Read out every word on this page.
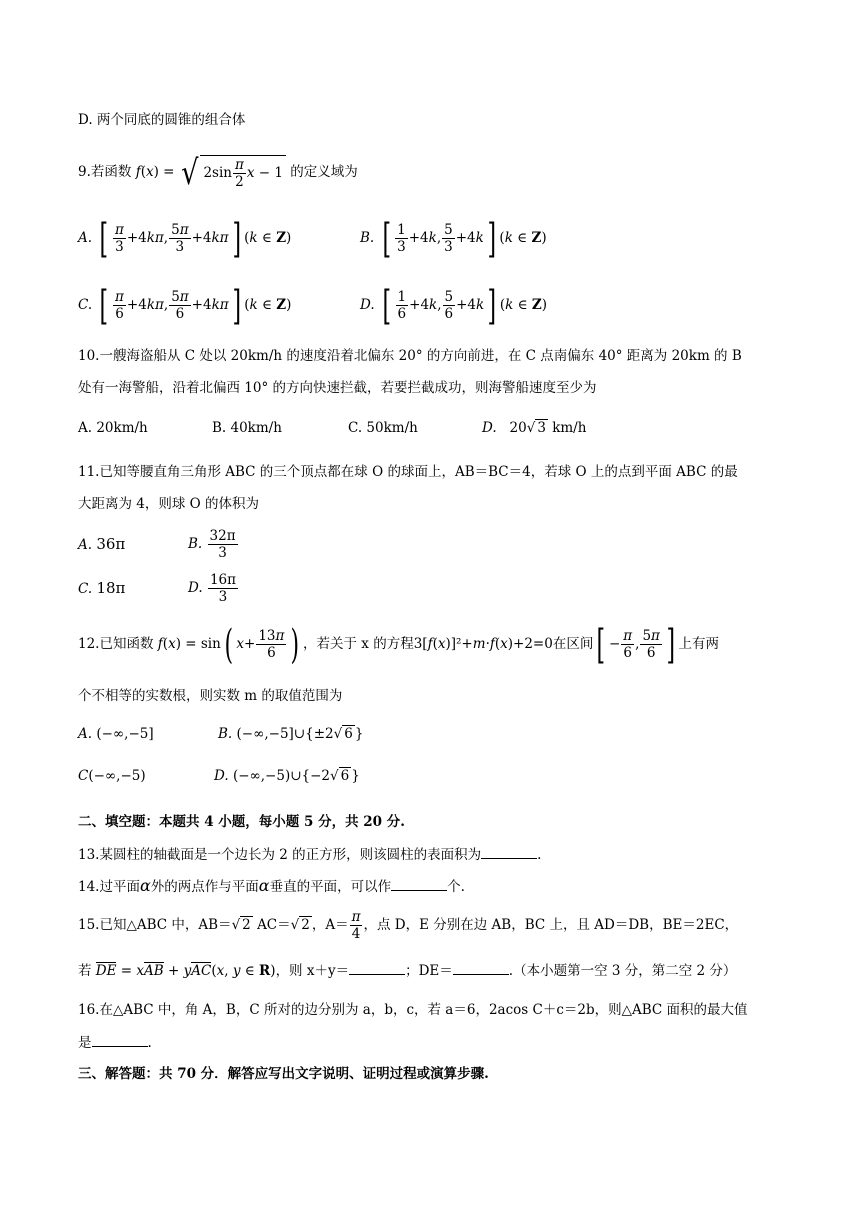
D. 两个同底的圆锥的组合体
9.若函数 f(x) = √ $2\sin \frac{\pi}{2}$ x − 1 的定义域为
A. [ $\frac{\pi}{3} +4k\pi$, $\frac{5\pi}{3} +4k\pi$] (k ∈ Z)	B. [ $\frac{1}{3} +4k$, $\frac{5}{3} +4k$] (k ∈ Z)
C. [ $\frac{\pi}{6} +4k\pi$, $\frac{5\pi}{6} +4k\pi$] (k ∈ Z)	D. [ $\frac{1}{6} +4k$, $\frac{5}{6} +4k$] (k ∈ Z)
10.一艘海盗船从 C 处以 20km/h 的速度沿着北偏东 20° 的方向前进，在 C 点南偏东 40° 距离为 20km 的 B
处有一海警船，沿着北偏西 10° 的方向快速拦截，若要拦截成功，则海警船速度至少为
A. 20km/h	B. 40km/h	C. 50km/h	D.   20√ 3 km/h
11.已知等腰直角三角形 ABC 的三个顶点都在球 O 的球面上，AB＝BC＝4，若球 O 上的点到平面 ABC 的最
大距离为 4，则球 O 的体积为
A. 36π	B. $\frac{32\pi}{3}$
C. 18π	D. $\frac{16\pi}{3}$
12.已知函数 f(x) = sin( $x+ \frac{13\pi}{6}$ ) ，若关于 x 的方程3[f(x)]²+m·f(x)+2=0在区间[ − $\frac{\pi}{6}$ , $\frac{5\pi}{6}$ ] 上有两
个不相等的实数根，则实数 m 的取值范围为
A. (−∞,−5]	B. (−∞,−5]∪{±2√ 6 }
C(−∞,−5)	D. (−∞,−5)∪{−2√ 6 }
二、填空题：本题共 4 小题，每小题 5 分，共 20 分.
13.某圆柱的轴截面是一个边长为 2 的正方形，则该圆柱的表面积为	.
14.过平面α外的两点作与平面α垂直的平面，可以作	个.
15.已知△ABC 中，AB＝√ 2 AC＝√ 2 ，$A= \frac{\pi}{4}$ ，点 D，E 分别在边 AB，BC 上，且 AD＝DB，BE＝2EC，
若 DE = xAB + yAC(x, y ∈ R)，则 x＋y＝	；DE＝	.（本小题第一空 3 分，第二空 2 分）
16.在△ABC 中，角 A，B，C 所对的边分别为 a，b，c，若 a＝6，2acos C＋c＝2b，则△ABC 面积的最大值
是	.
三、解答题：共 70 分．解答应写出文字说明、证明过程或演算步骤.
